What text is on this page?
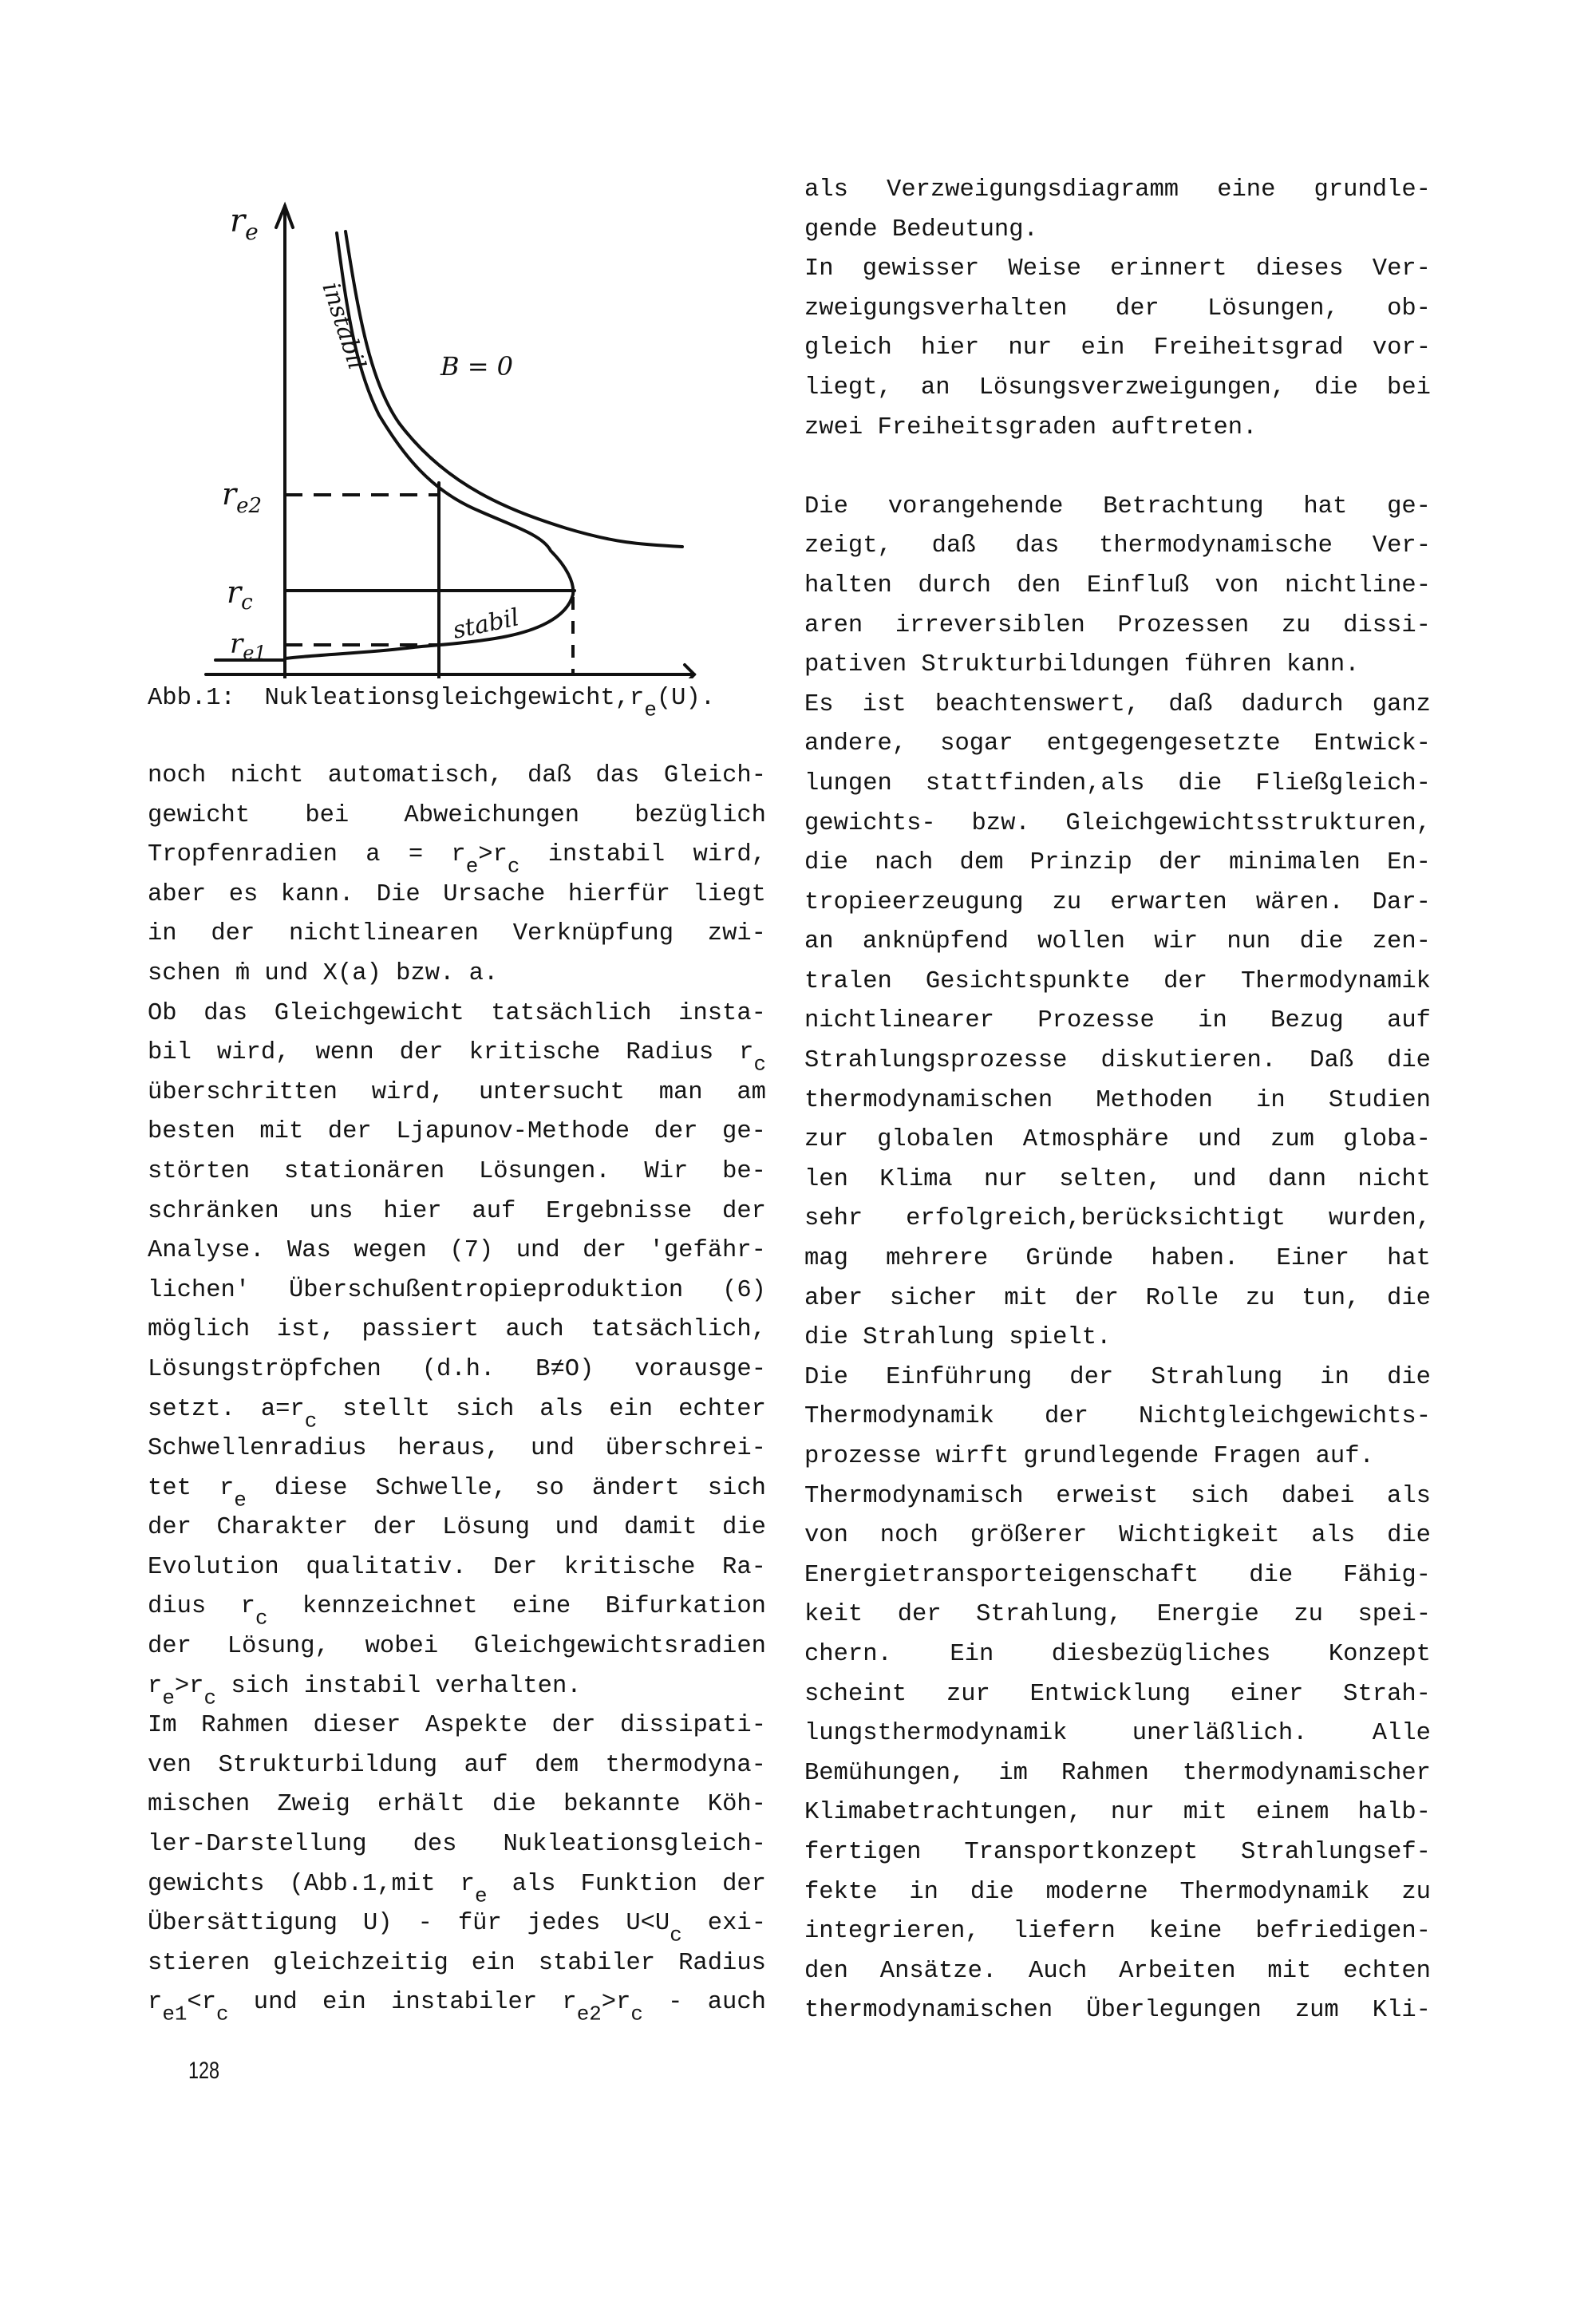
$r_e$
$r_{e2}$
$r_c$
$r_{e1}$
B = 0
instabil
stabil
Abb.1: $Nukleationsgleichgewicht,r_e(U)$.
noch nicht automatisch, daß das Gleich-
gewicht bei Abweichungen bezüglich
Tropfenradien $a = r_e>r_c$ instabil wird,
aber es kann. Die Ursache hierfür liegt
in der nichtlinearen Verknüpfung zwi-
schen ṁ und X(a) bzw. a.
Ob das Gleichgewicht tatsächlich insta-
bil wird, wenn der kritische Radius $r_c$
überschritten wird, untersucht man am
besten mit der Ljapunov-Methode der ge-
störten stationären Lösungen. Wir be-
schränken uns hier auf Ergebnisse der
Analyse. Was wegen (7) und der 'gefähr-
lichen' Überschußentropieproduktion (6)
möglich ist, passiert auch tatsächlich,
Lösungströpfchen (d.h. B≠O) vorausge-
setzt. $a=r_c$ stellt sich als ein echter
Schwellenradius heraus, und überschrei-
tet $r_e$ diese Schwelle, so ändert sich
der Charakter der Lösung und damit die
Evolution qualitativ. Der kritische Ra-
dius $r_c$ kennzeichnet eine Bifurkation
der Lösung, wobei Gleichgewichtsradien
$r_e>r_c$ sich instabil verhalten.
Im Rahmen dieser Aspekte der dissipati-
ven Strukturbildung auf dem thermodyna-
mischen Zweig erhält die bekannte Köh-
ler-Darstellung des Nukleationsgleich-
gewichts (Abb.1,mit $r_e$ als Funktion der
Übersättigung U) - für jedes $U<U_c$ exi-
stieren gleichzeitig ein stabiler Radius
$r_{e1}<r_c$ und ein instabiler $r_{e2}>r_c$ - auch
als Verzweigungsdiagramm eine grundle-
gende Bedeutung.
In gewisser Weise erinnert dieses Ver-
zweigungsverhalten der Lösungen, ob-
gleich hier nur ein Freiheitsgrad vor-
liegt, an Lösungsverzweigungen, die bei
zwei Freiheitsgraden auftreten.
Die vorangehende Betrachtung hat ge-
zeigt, daß das thermodynamische Ver-
halten durch den Einfluß von nichtline-
aren irreversiblen Prozessen zu dissi-
pativen Strukturbildungen führen kann.
Es ist beachtenswert, daß dadurch ganz
andere, sogar entgegengesetzte Entwick-
lungen stattfinden,als die Fließgleich-
gewichts- bzw. Gleichgewichtsstrukturen,
die nach dem Prinzip der minimalen En-
tropieerzeugung zu erwarten wären. Dar-
an anknüpfend wollen wir nun die zen-
tralen Gesichtspunkte der Thermodynamik
nichtlinearer Prozesse in Bezug auf
Strahlungsprozesse diskutieren. Daß die
thermodynamischen Methoden in Studien
zur globalen Atmosphäre und zum globa-
len Klima nur selten, und dann nicht
sehr erfolgreich,berücksichtigt wurden,
mag mehrere Gründe haben. Einer hat
aber sicher mit der Rolle zu tun, die
die Strahlung spielt.
Die Einführung der Strahlung in die
Thermodynamik der Nichtgleichgewichts-
prozesse wirft grundlegende Fragen auf.
Thermodynamisch erweist sich dabei als
von noch größerer Wichtigkeit als die
Energietransporteigenschaft die Fähig-
keit der Strahlung, Energie zu spei-
chern. Ein diesbezügliches Konzept
scheint zur Entwicklung einer Strah-
lungsthermodynamik	unerläßlich.	Alle
Bemühungen, im Rahmen thermodynamischer
Klimabetrachtungen, nur mit einem halb-
fertigen Transportkonzept Strahlungsef-
fekte in die moderne Thermodynamik zu
integrieren, liefern keine befriedigen-
den Ansätze. Auch Arbeiten mit echten
thermodynamischen Überlegungen zum Kli-
128
